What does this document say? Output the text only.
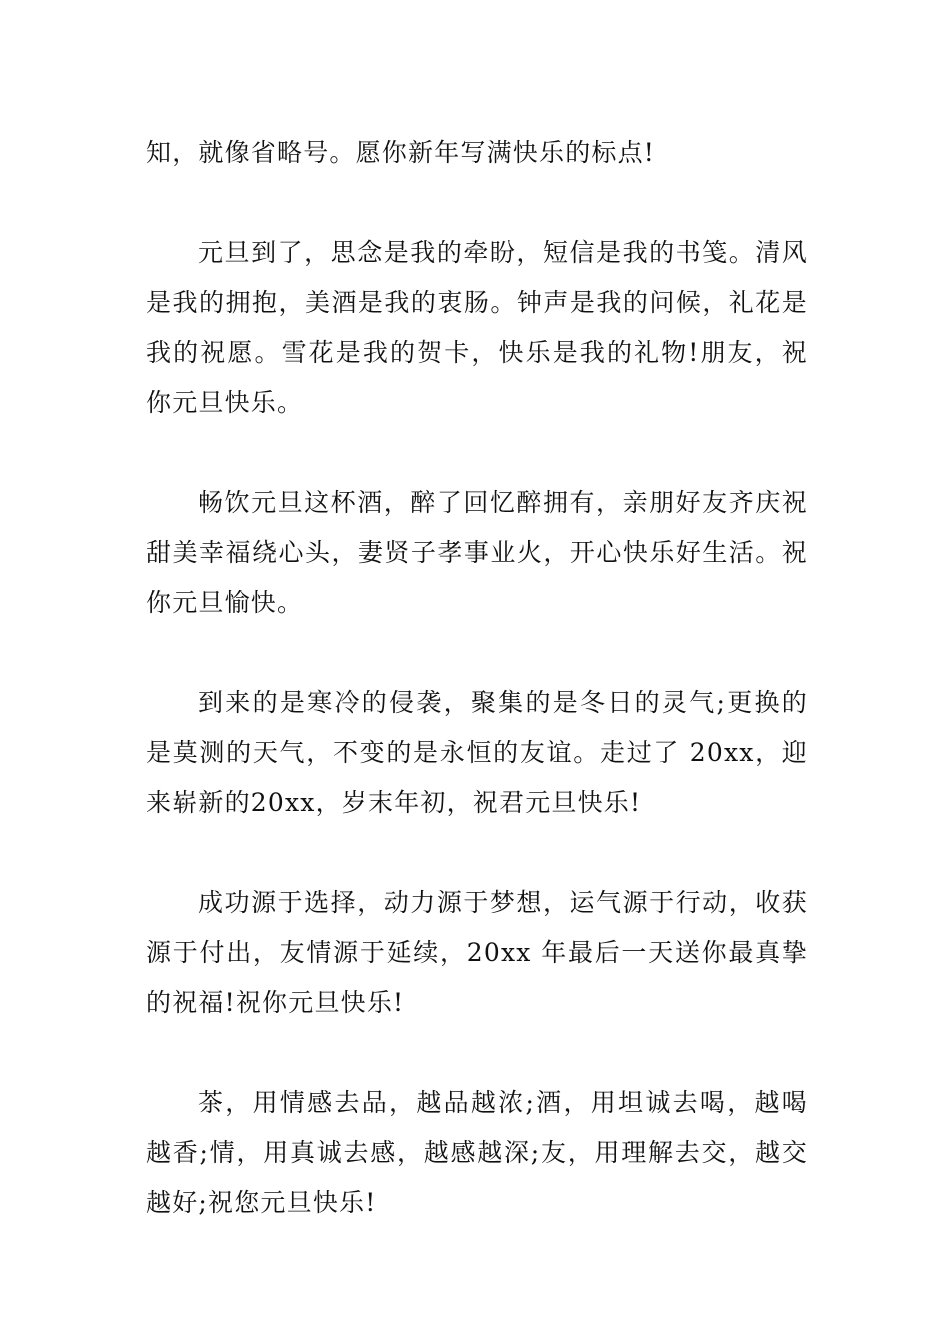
知，就像省略号。愿你新年写满快乐的标点!

元旦到了，思念是我的牵盼，短信是我的书笺。清风是我的拥抱，美酒是我的衷肠。钟声是我的问候，礼花是我的祝愿。雪花是我的贺卡，快乐是我的礼物!朋友，祝你元旦快乐。

畅饮元旦这杯酒，醉了回忆醉拥有，亲朋好友齐庆祝甜美幸福绕心头，妻贤子孝事业火，开心快乐好生活。祝你元旦愉快。

到来的是寒冷的侵袭，聚集的是冬日的灵气;更换的是莫测的天气，不变的是永恒的友谊。走过了 20xx，迎来崭新的20xx，岁末年初，祝君元旦快乐!

成功源于选择，动力源于梦想，运气源于行动，收获源于付出，友情源于延续，20xx 年最后一天送你最真挚的祝福!祝你元旦快乐!

茶，用情感去品，越品越浓;酒，用坦诚去喝，越喝越香;情，用真诚去感，越感越深;友，用理解去交，越交越好;祝您元旦快乐!
